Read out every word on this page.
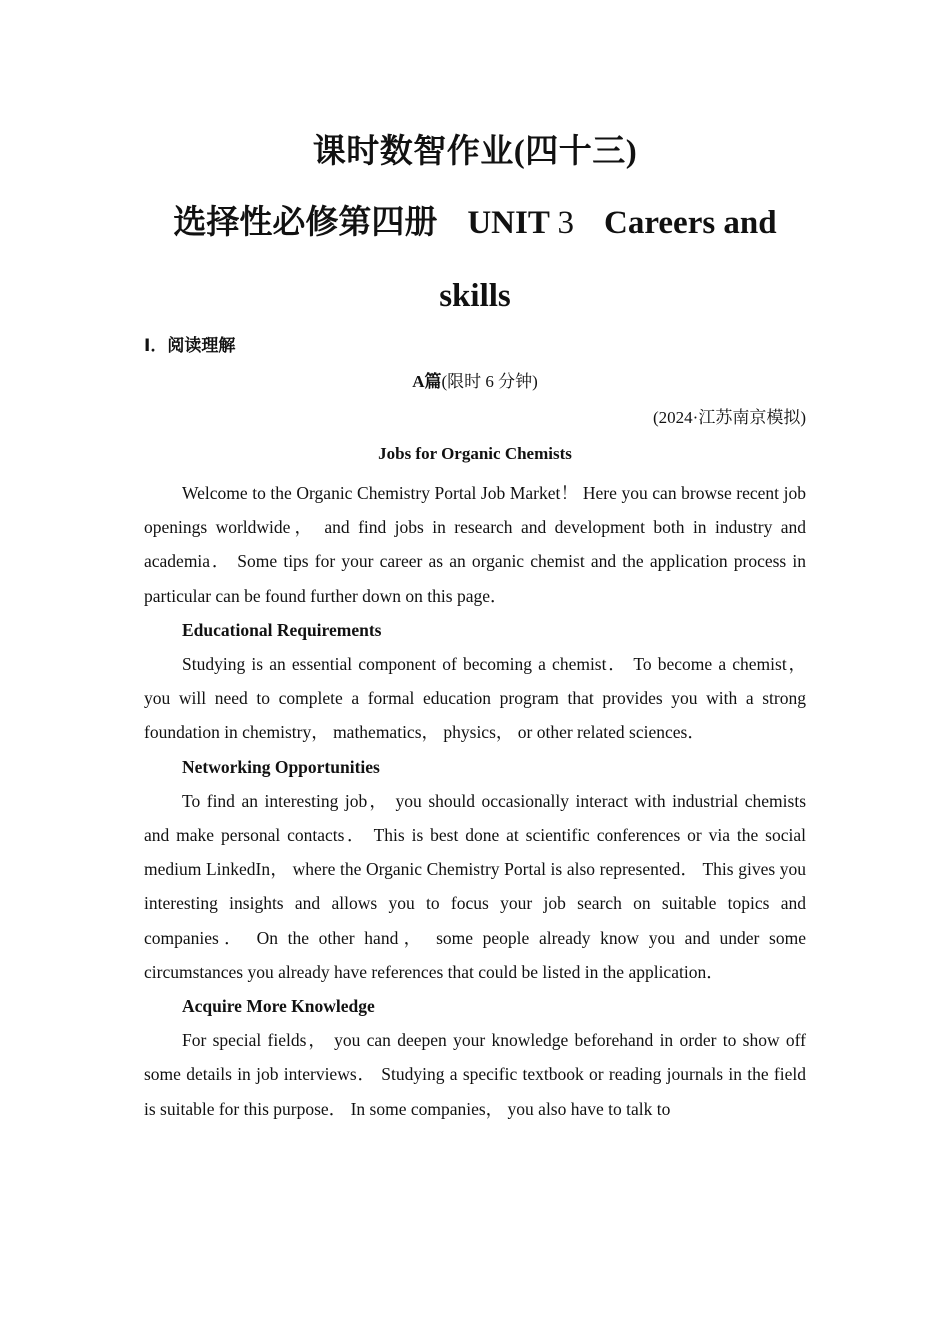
课时数智作业(四十三)
选择性必修第四册 UNIT 3 Careers and
skills
Ⅰ．阅读理解
A篇(限时 6 分钟)
(2024·江苏南京模拟)
Jobs for Organic Chemists

Welcome to the Organic Chemistry Portal Job Market！ Here you can browse recent job openings worldwide， and find jobs in research and development both in industry and academia． Some tips for your career as an organic chemist and the application process in particular can be found further down on this page．

Educational Requirements

Studying is an essential component of becoming a chemist． To become a chemist， you will need to complete a formal education program that provides you with a strong foundation in chemistry， mathematics， physics， or other related sciences．

Networking Opportunities

To find an interesting job， you should occasionally interact with industrial chemists and make personal contacts． This is best done at scientific conferences or via the social medium LinkedIn， where the Organic Chemistry Portal is also represented． This gives you interesting insights and allows you to focus your job search on suitable topics and companies． On the other hand， some people already know you and under some circumstances you already have references that could be listed in the application．

Acquire More Knowledge

For special fields， you can deepen your knowledge beforehand in order to show off some details in job interviews． Studying a specific textbook or reading journals in the field is suitable for this purpose． In some companies， you also have to talk to
